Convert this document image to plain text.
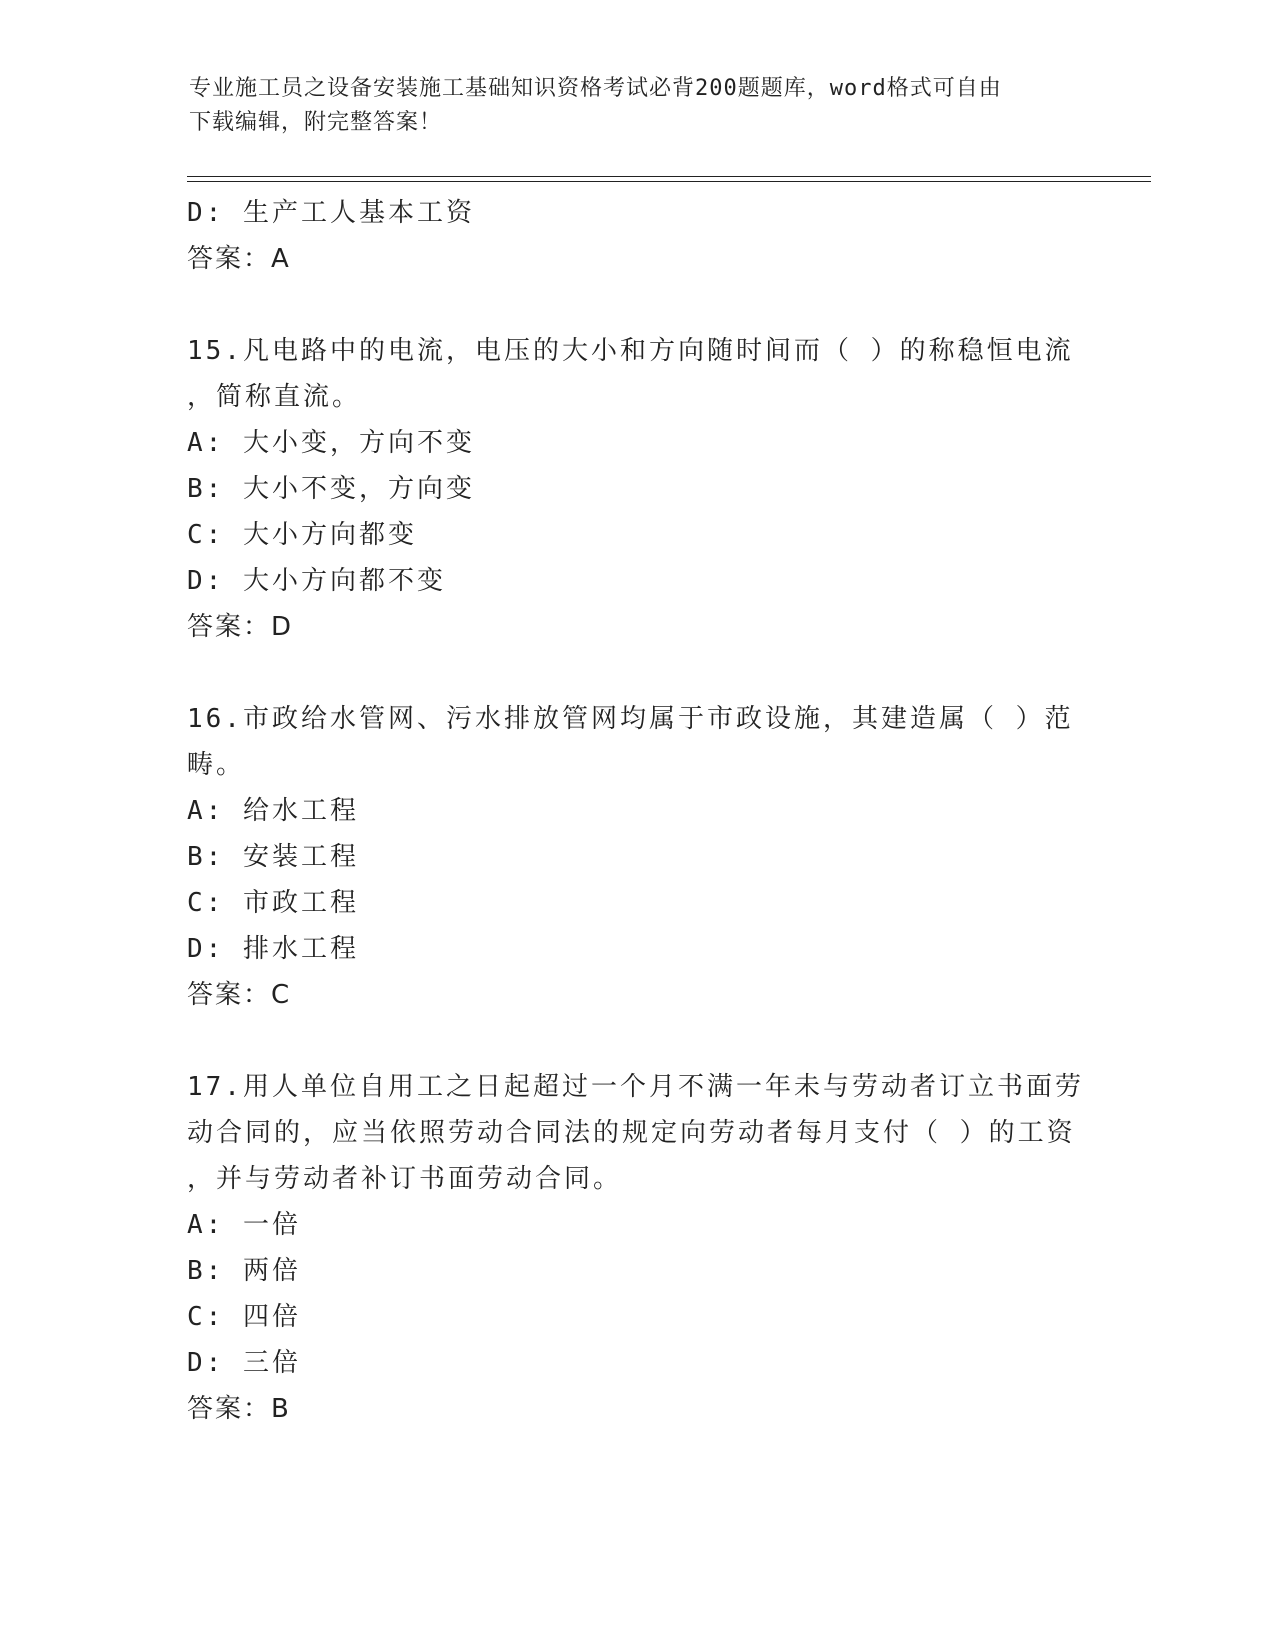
专业施工员之设备安装施工基础知识资格考试必背200题题库，word格式可自由
下载编辑，附完整答案！
D: 生产工人基本工资
答案：A
15.凡电路中的电流，电压的大小和方向随时间而（ ）的称稳恒电流
，简称直流。
A: 大小变，方向不变
B: 大小不变，方向变
C: 大小方向都变
D: 大小方向都不变
答案：D
16.市政给水管网、污水排放管网均属于市政设施，其建造属（ ）范
畴。
A: 给水工程
B: 安装工程
C: 市政工程
D: 排水工程
答案：C
17.用人单位自用工之日起超过一个月不满一年未与劳动者订立书面劳
动合同的，应当依照劳动合同法的规定向劳动者每月支付（ ）的工资
，并与劳动者补订书面劳动合同。
A: 一倍
B: 两倍
C: 四倍
D: 三倍
答案：B
